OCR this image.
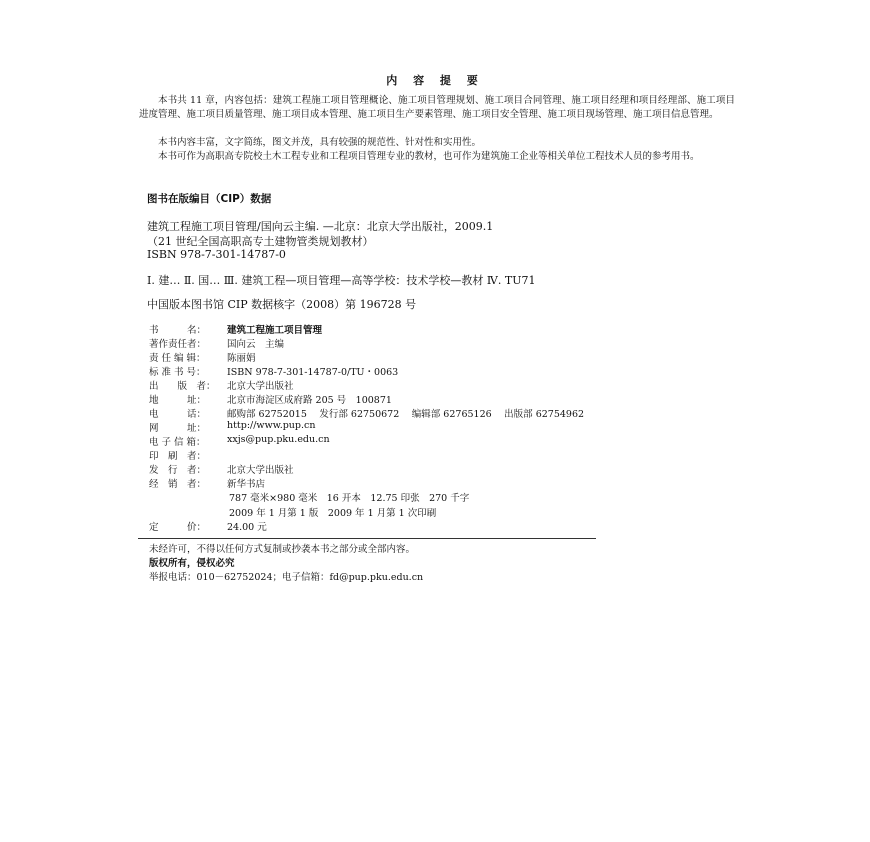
内 容 提 要

本书共 11 章，内容包括：建筑工程施工项目管理概论、施工项目管理规划、施工项目合同管理、施工项目经理和项目经理部、施工项目进度管理、施工项目质量管理、施工项目成本管理、施工项目生产要素管理、施工项目安全管理、施工项目现场管理、施工项目信息管理。

本书内容丰富，文字简练，图文并茂，具有较强的规范性、针对性和实用性。

本书可作为高职高专院校土木工程专业和工程项目管理专业的教材，也可作为建筑施工企业等相关单位工程技术人员的参考用书。

图书在版编目（CIP）数据
建筑工程施工项目管理/国向云主编. —北京：北京大学出版社，2009.1
（21 世纪全国高职高专土建物管类规划教材）
ISBN 978-7-301-14787-0
Ⅰ. 建… Ⅱ. 国… Ⅲ. 建筑工程—项目管理—高等学校：技术学校—教材 Ⅳ. TU71
中国版本图书馆 CIP 数据核字（2008）第 196728 号
书　　　名：	建筑工程施工项目管理
著作责任者：	国向云　主编
责 任 编 辑：	陈丽娟
标 准 书 号：	ISBN 978-7-301-14787-0/TU・0063
出　　版　者：	北京大学出版社
地　　　址：	北京市海淀区成府路 205 号　100871
电　　　话：	邮购部 62752015　 发行部 62750672　 编辑部 62765126　 出版部 62754962
网　　　址：	http://www.pup.cn
电 子 信 箱：	xxjs@pup.pku.edu.cn
印　刷　者：
发　行　者：	北京大学出版社
经　销　者：	新华书店
787 毫米×980 毫米　16 开本　12.75 印张　270 千字
2009 年 1 月第 1 版　2009 年 1 月第 1 次印刷
定　　　价：	24.00 元
未经许可，不得以任何方式复制或抄袭本书之部分或全部内容。
版权所有，侵权必究
举报电话：010－62752024；电子信箱：fd@pup.pku.edu.cn
